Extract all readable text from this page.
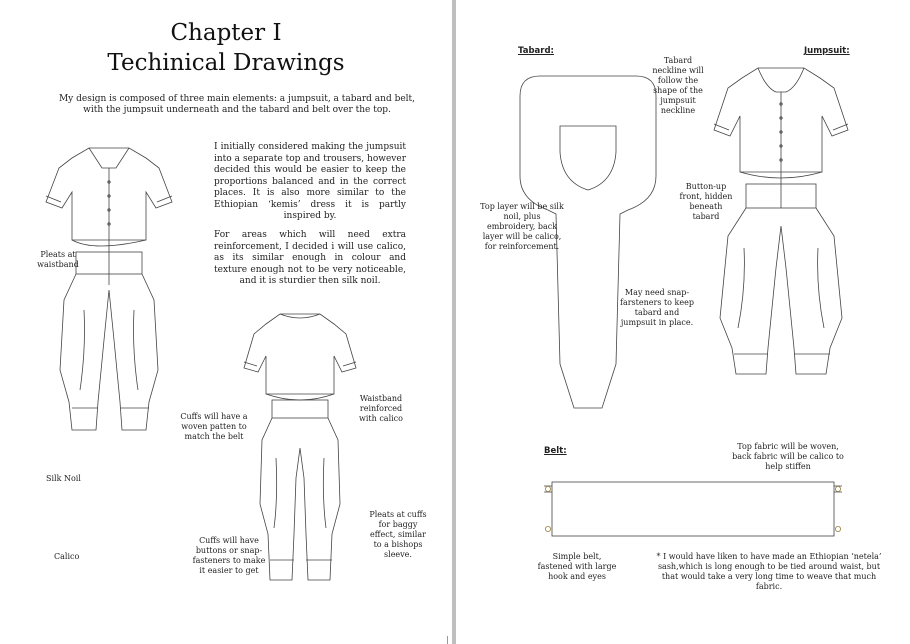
Chapter I
Techinical Drawings
My design is composed of three main elements: a jumpsuit, a tabard and belt, with the jumpsuit underneath and the tabard and belt over the top.
Pleats at waistband
Cuffs will have a woven patten to match the belt
I initially considered making the jumpsuit into a separate top and trousers, however decided this would be easier to keep the proportions balanced and in the correct places. It is also more similar to the Ethiopian ‘kemis’ dress it is partly inspired by.
For areas which will need extra reinforcement, I decided i will use calico, as its similar enough in colour and texture enough not to be very noticeable, and it is sturdier then silk noil.
Waistband reinforced with calico
Pleats at cuffs for baggy effect, similar to a bishops sleeve.
Cuffs will have buttons or snap-fasteners to make it easier to get
Silk Noil
Calico
Tabard:	Jumpsuit:
Tabard neckline will follow the shape of the jumpsuit neckline
Top layer will be silk noil, plus embroidery, back layer will be calico, for reinforcement.
Button-up front, hidden beneath tabard
May need snap-farsteners to keep tabard and jumpsuit in place.
Belt:	Top fabric will be woven, back fabric will be calico to help stiffen
Simple belt, fastened with large hook and eyes
* I would have liken to have made an Ethiopian ‘netela’ sash,which is long enough to be tied around waist, but that would take a very long time to weave that much fabric.
